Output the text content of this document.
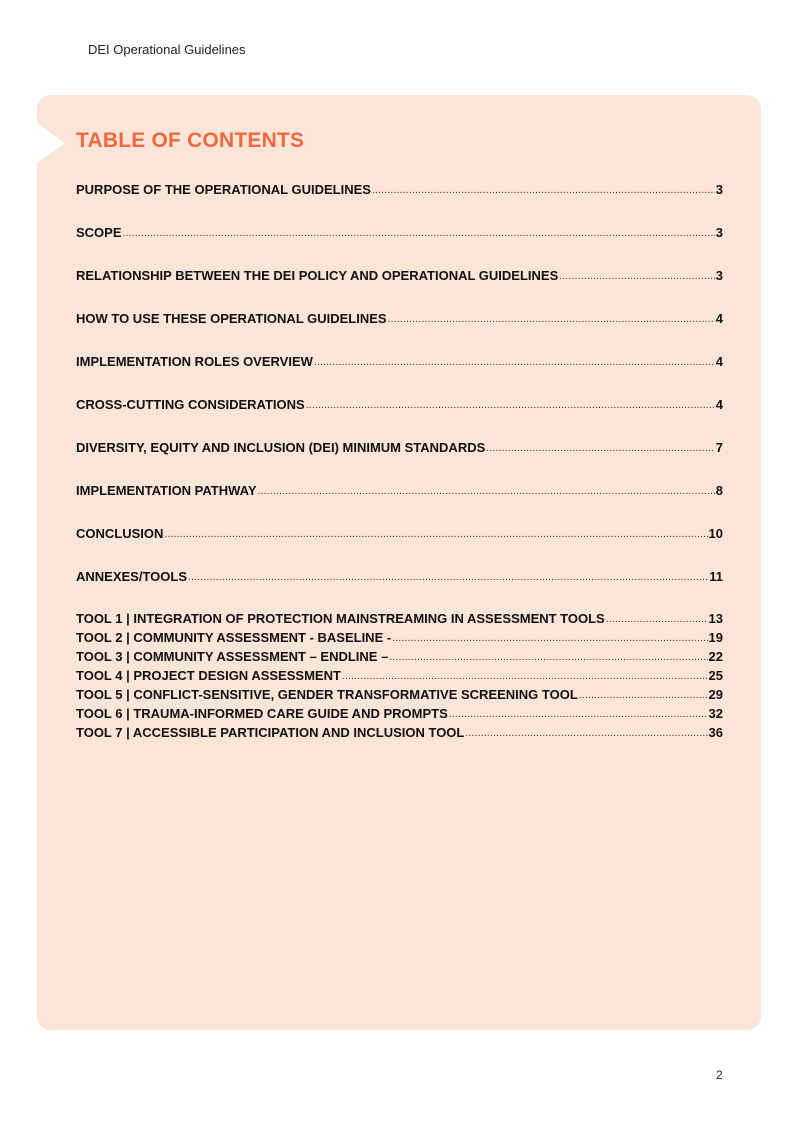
DEI Operational Guidelines
TABLE OF CONTENTS
PURPOSE OF THE OPERATIONAL GUIDELINES .....	3
SCOPE .....	3
RELATIONSHIP BETWEEN THE DEI POLICY AND OPERATIONAL GUIDELINES .....	3
HOW TO USE THESE OPERATIONAL GUIDELINES .....	4
IMPLEMENTATION ROLES OVERVIEW .....	4
CROSS-CUTTING CONSIDERATIONS .....	4
DIVERSITY, EQUITY AND INCLUSION (DEI) MINIMUM STANDARDS .....	7
IMPLEMENTATION PATHWAY .....	8
CONCLUSION .....	10
ANNEXES/TOOLS .....	11
TOOL 1 | INTEGRATION OF PROTECTION MAINSTREAMING IN ASSESSMENT TOOLS .....	13
TOOL 2 | COMMUNITY ASSESSMENT - BASELINE - .....	19
TOOL 3 | COMMUNITY ASSESSMENT – ENDLINE – .....	22
TOOL 4 | PROJECT DESIGN ASSESSMENT .....	25
TOOL 5 | CONFLICT-SENSITIVE, GENDER TRANSFORMATIVE SCREENING TOOL .....	29
TOOL 6 | TRAUMA-INFORMED CARE GUIDE AND PROMPTS .....	32
TOOL 7 | ACCESSIBLE PARTICIPATION AND INCLUSION TOOL .....	36
2
